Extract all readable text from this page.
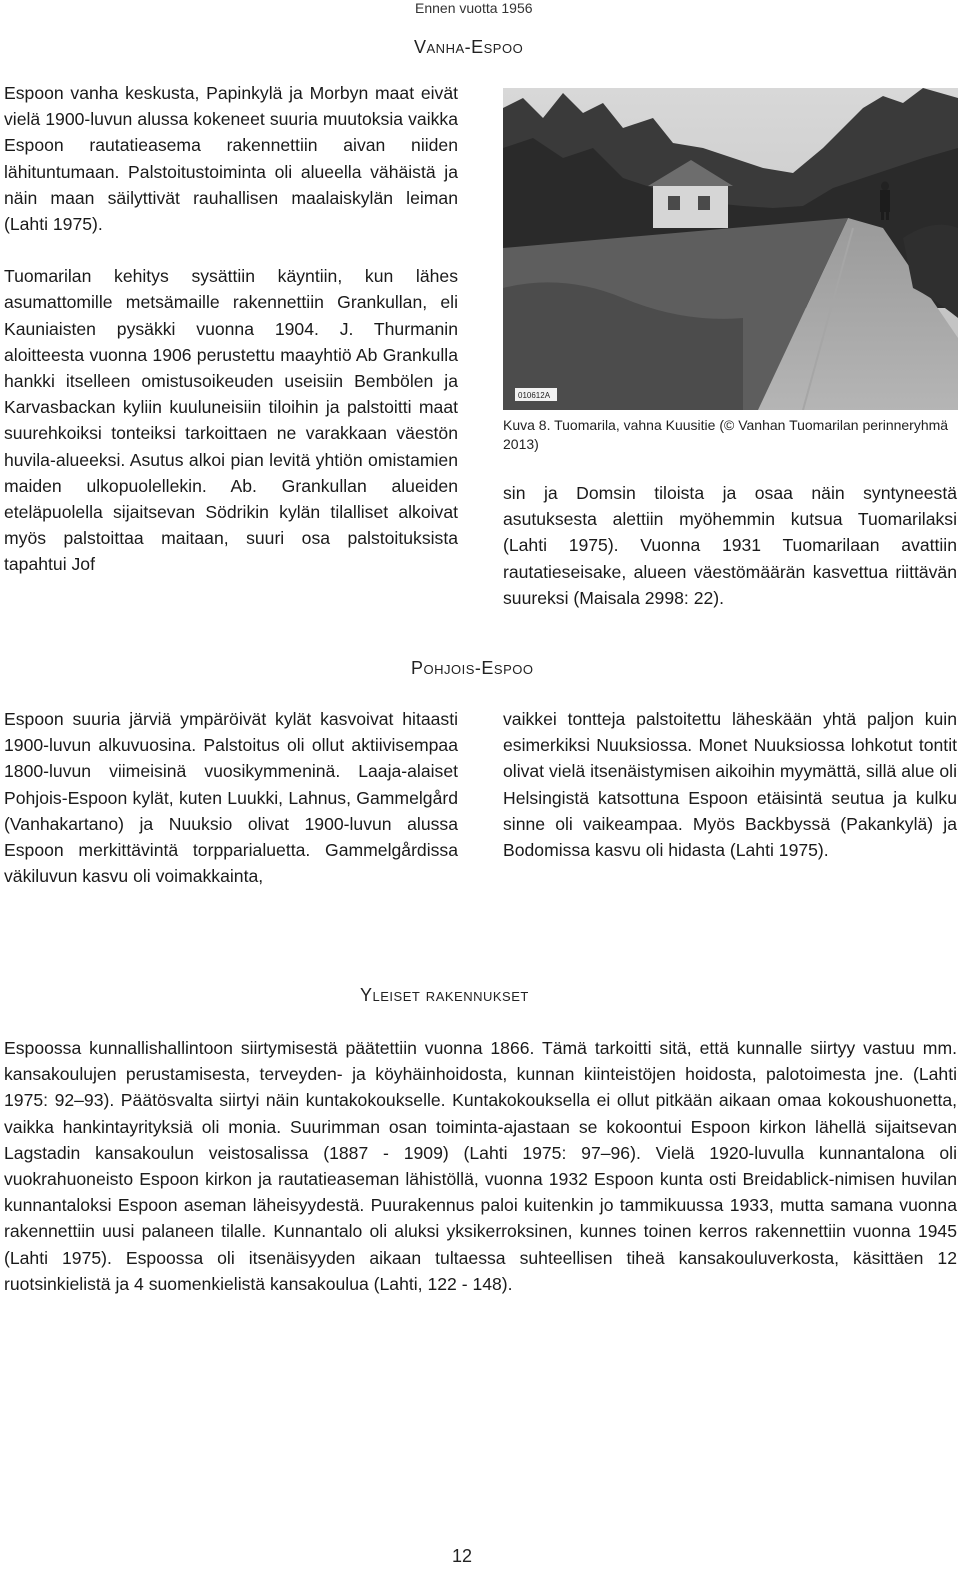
Ennen vuotta 1956
Vanha-Espoo

Espoon vanha keskusta, Papinkylä ja Morbyn maat eivät vielä 1900-luvun alussa kokeneet suuria muutoksia vaikka Espoon rautatieasema rakennettiin aivan niiden lähituntumaan. Palstoitustoiminta oli alueella vähäistä ja näin maan säilyttivät rauhallisen maalaiskylän leiman (Lahti 1975).

Tuomarilan kehitys sysättiin käyntiin, kun lähes asumattomille metsämaille rakennettiin Grankullan, eli Kauniaisten pysäkki vuonna 1904. J. Thurmanin aloitteesta vuonna 1906 perustettu maayhtiö Ab Grankulla hankki itselleen omistusoikeuden useisiin Bembölen ja Karvasbackan kyliin kuuluneisiin tiloihin ja palstoitti maat suurehkoiksi tonteiksi tarkoittaen ne varakkaan väestön huvila-alueeksi. Asutus alkoi pian levitä yhtiön omistamien maiden ulkopuolellekin. Ab. Grankullan alueiden eteläpuolella sijaitsevan Södrikin kylän tilalliset alkoivat myös palstoittaa maitaan, suuri osa palstoituksista tapahtui Jof

010612A
Kuva 8. Tuomarila, vahna Kuusitie (© Vanhan Tuomarilan perinneryhmä 2013)

sin ja Domsin tiloista ja osaa näin syntyneestä asutuksesta alettiin myöhemmin kutsua Tuomarilaksi (Lahti 1975). Vuonna 1931 Tuomarilaan avattiin rautatieseisake, alueen väestömäärän kasvettua riittävän suureksi (Maisala 2998: 22).

Pohjois-Espoo

Espoon suuria järviä ympäröivät kylät kasvoivat hitaasti 1900-luvun alkuvuosina. Palstoitus oli ollut aktiivisempaa 1800-luvun viimeisinä vuosikymmeninä. Laaja-alaiset Pohjois-Espoon kylät, kuten Luukki, Lahnus, Gammelgård (Vanhakartano) ja Nuuksio olivat 1900-luvun alussa Espoon merkittävintä torpparialuetta. Gammelgårdissa väkiluvun kasvu oli voimakkainta,

vaikkei tontteja palstoitettu läheskään yhtä paljon kuin esimerkiksi Nuuksiossa. Monet Nuuksiossa lohkotut tontit olivat vielä itsenäistymisen aikoihin myymättä, sillä alue oli Helsingistä katsottuna Espoon etäisintä seutua ja kulku sinne oli vaikeampaa. Myös Backbyssä (Pakankylä) ja Bodomissa kasvu oli hidasta (Lahti 1975).

Yleiset rakennukset

Espoossa kunnallishallintoon siirtymisestä päätettiin vuonna 1866. Tämä tarkoitti sitä, että kunnalle siirtyy vastuu mm. kansakoulujen perustamisesta, terveyden- ja köyhäinhoidosta, kunnan kiinteistöjen hoidosta, palotoimesta jne. (Lahti 1975: 92–93). Päätösvalta siirtyi näin kuntakokoukselle. Kuntakokouksella ei ollut pitkään aikaan omaa kokoushuonetta, vaikka hankintayrityksiä oli monia. Suurimman osan toiminta-ajastaan se kokoontui Espoon kirkon lähellä sijaitsevan Lagstadin kansakoulun veistosalissa (1887 - 1909) (Lahti 1975: 97–96). Vielä 1920-luvulla kunnantalona oli vuokrahuoneisto Espoon kirkon ja rautatieaseman lähistöllä, vuonna 1932 Espoon kunta osti Breidablick-nimisen huvilan kunnantaloksi Espoon aseman läheisyydestä. Puurakennus paloi kuitenkin jo tammikuussa 1933, mutta samana vuonna rakennettiin uusi palaneen tilalle. Kunnantalo oli aluksi yksikerroksinen, kunnes toinen kerros rakennettiin vuonna 1945 (Lahti 1975). Espoossa oli itsenäisyyden aikaan tultaessa suhteellisen tiheä kansakouluverkosta, käsittäen 12 ruotsinkielistä ja 4 suomenkielistä kansakoulua (Lahti, 122 - 148).

12
